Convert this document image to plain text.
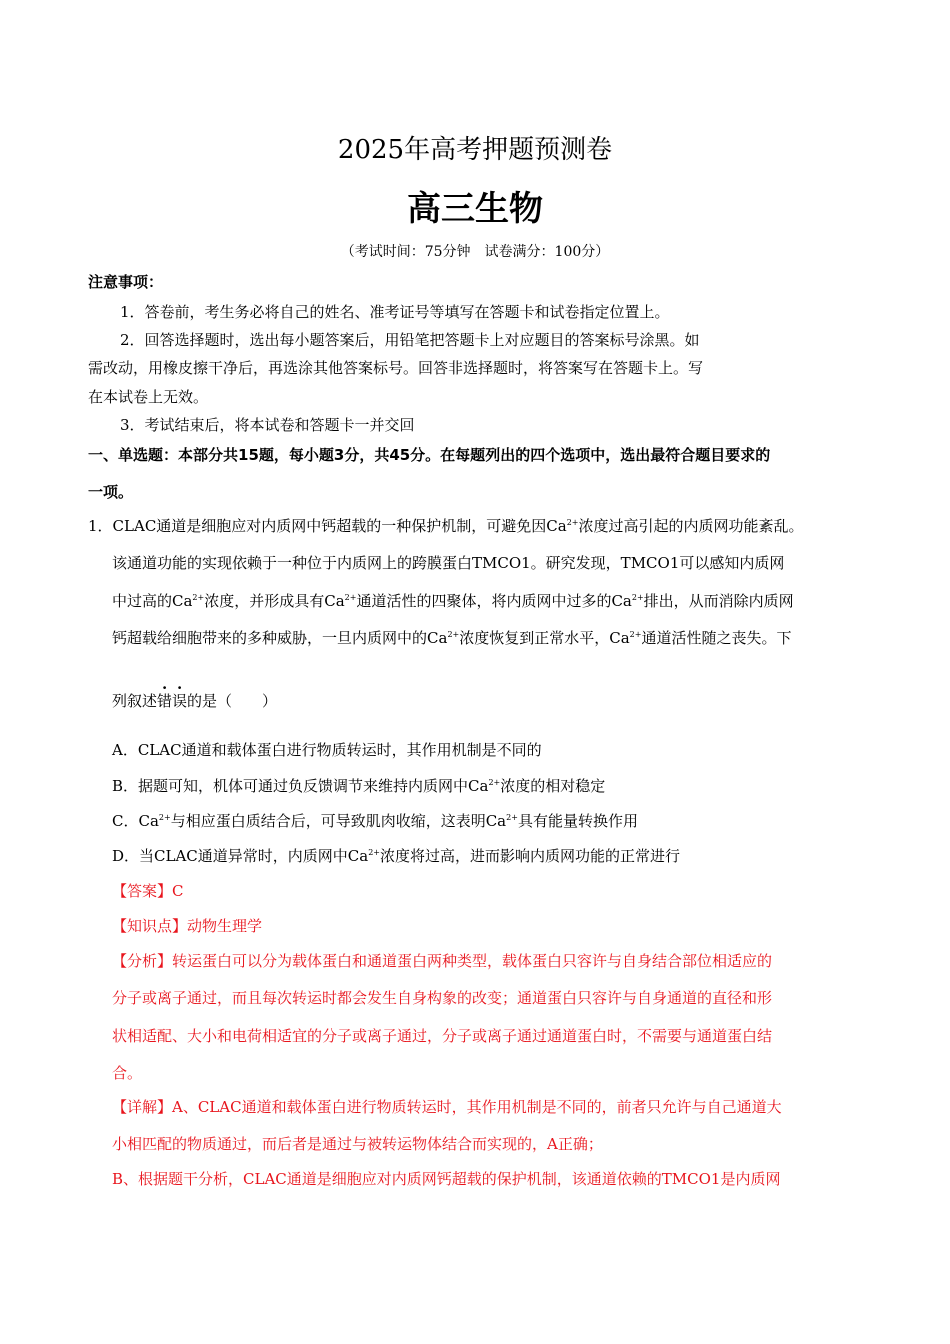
2025年高考押题预测卷
高三生物
（考试时间：75分钟　试卷满分：100分）
注意事项：
1．答卷前，考生务必将自己的姓名、准考证号等填写在答题卡和试卷指定位置上。
2．回答选择题时，选出每小题答案后，用铅笔把答题卡上对应题目的答案标号涂黑。如
需改动，用橡皮擦干净后，再选涂其他答案标号。回答非选择题时，将答案写在答题卡上。写
在本试卷上无效。
3．考试结束后，将本试卷和答题卡一并交回
一、单选题：本部分共15题，每小题3分，共45分。在每题列出的四个选项中，选出最符合题目要求的
一项。
1．CLAC通道是细胞应对内质网中钙超载的一种保护机制，可避免因$Ca^{2+}$浓度过高引起的内质网功能紊乱。
该通道功能的实现依赖于一种位于内质网上的跨膜蛋白TMCO1。研究发现，TMCO1可以感知内质网
中过高的$Ca^{2+}$浓度，并形成具有$Ca^{2+}$通道活性的四聚体，将内质网中过多的$Ca^{2+}$排出，从而消除内质网
钙超载给细胞带来的多种威胁，一旦内质网中的$Ca^{2+}$浓度恢复到正常水平，$Ca^{2+}$通道活性随之丧失。下
列叙述错误的是（　　）
A．CLAC通道和载体蛋白进行物质转运时，其作用机制是不同的
B．据题可知，机体可通过负反馈调节来维持内质网中$Ca^{2+}$浓度的相对稳定
C．$Ca^{2+}$与相应蛋白质结合后，可导致肌肉收缩，这表明$Ca^{2+}$具有能量转换作用
D．当CLAC通道异常时，内质网中$Ca^{2+}$浓度将过高，进而影响内质网功能的正常进行
【答案】C
【知识点】动物生理学
【分析】转运蛋白可以分为载体蛋白和通道蛋白两种类型，载体蛋白只容许与自身结合部位相适应的
分子或离子通过，而且每次转运时都会发生自身构象的改变；通道蛋白只容许与自身通道的直径和形
状相适配、大小和电荷相适宜的分子或离子通过，分子或离子通过通道蛋白时，不需要与通道蛋白结
合。
【详解】A、CLAC通道和载体蛋白进行物质转运时，其作用机制是不同的，前者只允许与自己通道大
小相匹配的物质通过，而后者是通过与被转运物体结合而实现的，A正确；
B、根据题干分析，CLAC通道是细胞应对内质网钙超载的保护机制，该通道依赖的TMCO1是内质网
